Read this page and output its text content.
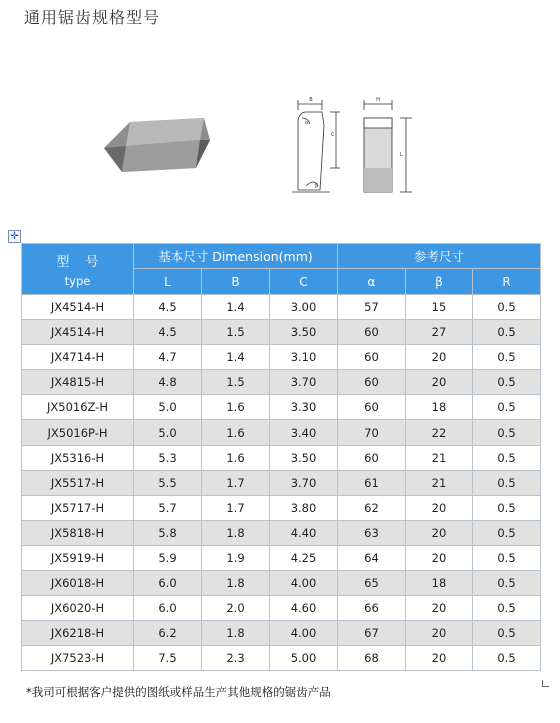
通用锯齿规格型号
B
α
C
β
H
L
✛
型 号
type	基本尺寸 Dimension(mm)			参考尺寸		
	L	B	C	α	β	R
JX4514-H	4.5	1.4	3.00	57	15	0.5
JX4514-H	4.5	1.5	3.50	60	27	0.5
JX4714-H	4.7	1.4	3.10	60	20	0.5
JX4815-H	4.8	1.5	3.70	60	20	0.5
JX5016Z-H	5.0	1.6	3.30	60	18	0.5
JX5016P-H	5.0	1.6	3.40	70	22	0.5
JX5316-H	5.3	1.6	3.50	60	21	0.5
JX5517-H	5.5	1.7	3.70	61	21	0.5
JX5717-H	5.7	1.7	3.80	62	20	0.5
JX5818-H	5.8	1.8	4.40	63	20	0.5
JX5919-H	5.9	1.9	4.25	64	20	0.5
JX6018-H	6.0	1.8	4.00	65	18	0.5
JX6020-H	6.0	2.0	4.60	66	20	0.5
JX6218-H	6.2	1.8	4.00	67	20	0.5
JX7523-H	7.5	2.3	5.00	68	20	0.5
*我司可根据客户提供的图纸或样品生产其他规格的锯齿产品
